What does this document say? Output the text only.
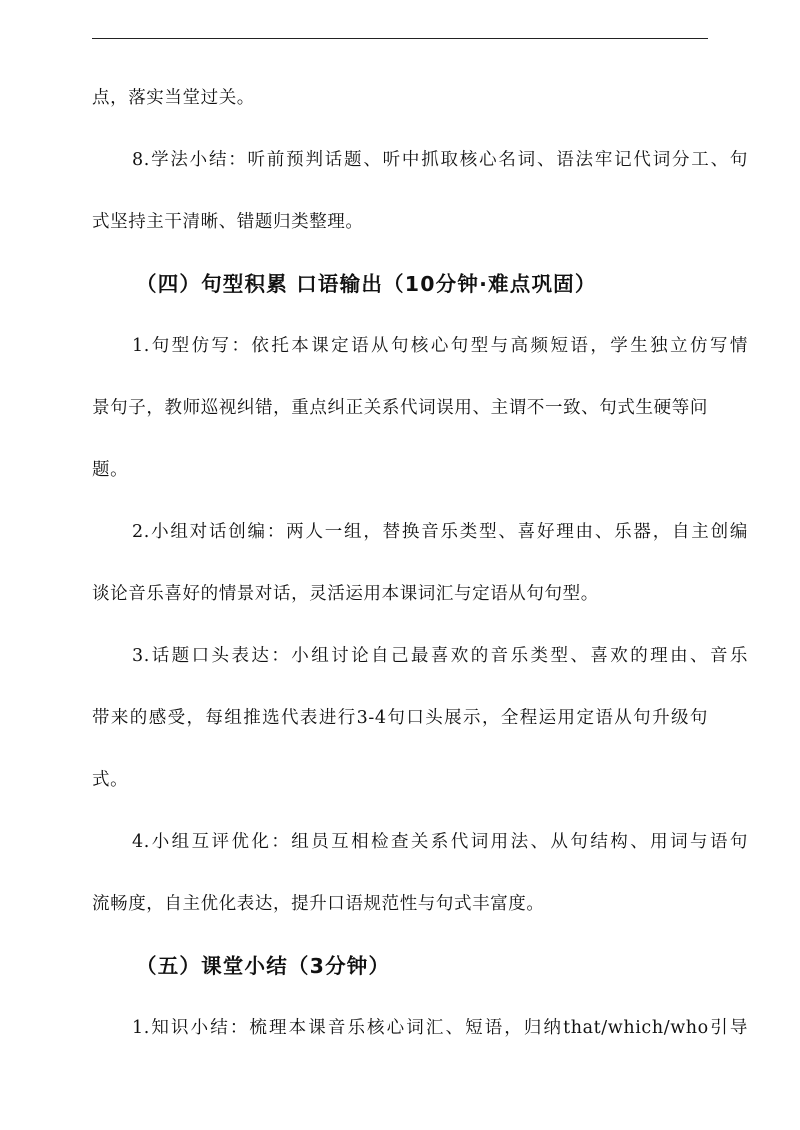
点，落实当堂过关。
8.学法小结：听前预判话题、听中抓取核心名词、语法牢记代词分工、句
式坚持主干清晰、错题归类整理。
（四）句型积累 口语输出（10分钟·难点巩固）
1.句型仿写：依托本课定语从句核心句型与高频短语，学生独立仿写情
景句子，教师巡视纠错，重点纠正关系代词误用、主谓不一致、句式生硬等问
题。
2.小组对话创编：两人一组，替换音乐类型、喜好理由、乐器，自主创编
谈论音乐喜好的情景对话，灵活运用本课词汇与定语从句句型。
3.话题口头表达：小组讨论自己最喜欢的音乐类型、喜欢的理由、音乐
带来的感受，每组推选代表进行3-4句口头展示，全程运用定语从句升级句
式。
4.小组互评优化：组员互相检查关系代词用法、从句结构、用词与语句
流畅度，自主优化表达，提升口语规范性与句式丰富度。
（五）课堂小结（3分钟）
1.知识小结：梳理本课音乐核心词汇、短语，归纳that/which/who引导
